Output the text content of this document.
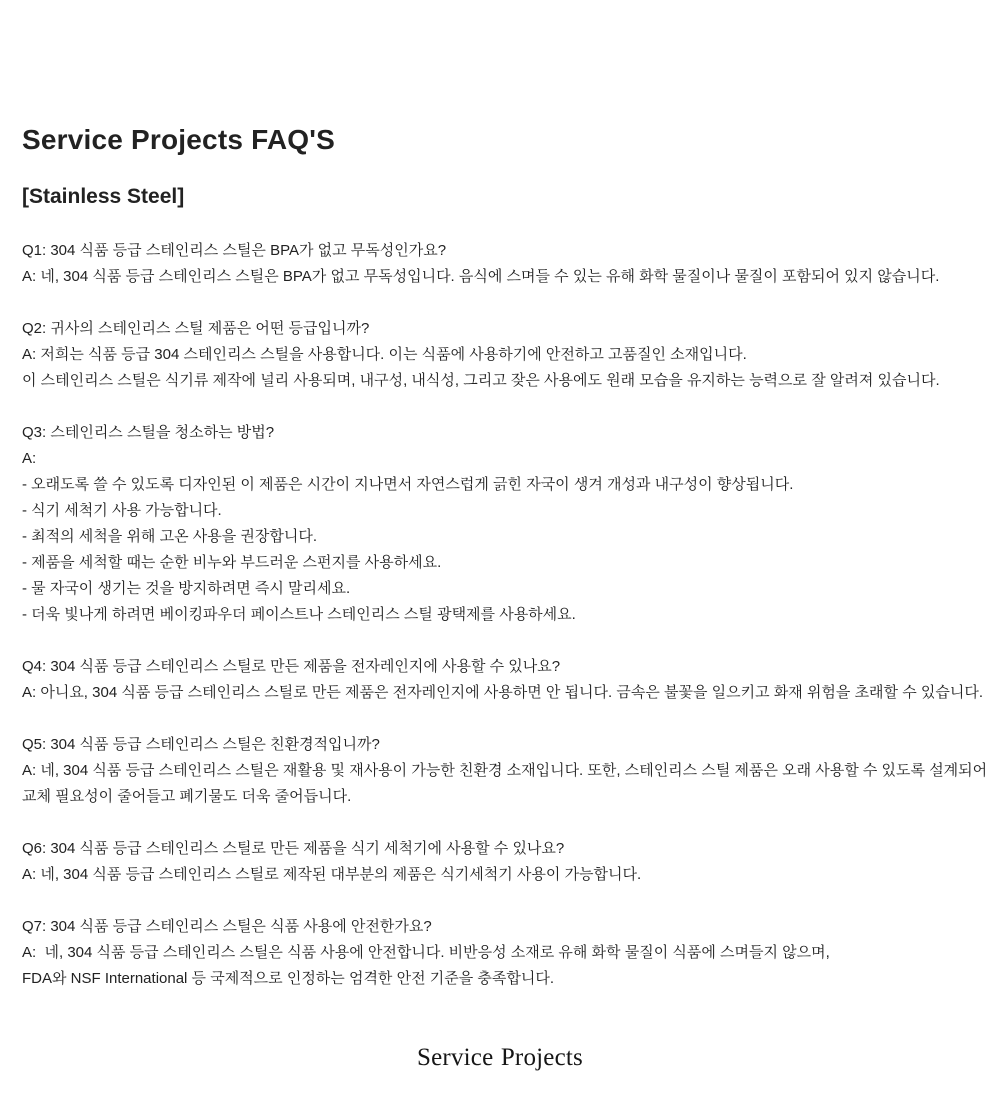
Service Projects FAQ'S
[Stainless Steel]
Q1: 304 식품 등급 스테인리스 스틸은 BPA가 없고 무독성인가요?
A: 네, 304 식품 등급 스테인리스 스틸은 BPA가 없고 무독성입니다. 음식에 스며들 수 있는 유해 화학 물질이나 물질이 포함되어 있지 않습니다.
Q2: 귀사의 스테인리스 스틸 제품은 어떤 등급입니까?
A: 저희는 식품 등급 304 스테인리스 스틸을 사용합니다. 이는 식품에 사용하기에 안전하고 고품질인 소재입니다.
이 스테인리스 스틸은 식기류 제작에 널리 사용되며, 내구성, 내식성, 그리고 잦은 사용에도 원래 모습을 유지하는 능력으로 잘 알려져 있습니다.
Q3: 스테인리스 스틸을 청소하는 방법?
A:
- 오래도록 쓸 수 있도록 디자인된 이 제품은 시간이 지나면서 자연스럽게 긁힌 자국이 생겨 개성과 내구성이 향상됩니다.
- 식기 세척기 사용 가능합니다.
- 최적의 세척을 위해 고온 사용을 권장합니다.
- 제품을 세척할 때는 순한 비누와 부드러운 스펀지를 사용하세요.
- 물 자국이 생기는 것을 방지하려면 즉시 말리세요.
- 더욱 빛나게 하려면 베이킹파우더 페이스트나 스테인리스 스틸 광택제를 사용하세요.
Q4: 304 식품 등급 스테인리스 스틸로 만든 제품을 전자레인지에 사용할 수 있나요?
A: 아니요, 304 식품 등급 스테인리스 스틸로 만든 제품은 전자레인지에 사용하면 안 됩니다. 금속은 불꽃을 일으키고 화재 위험을 초래할 수 있습니다.
Q5: 304 식품 등급 스테인리스 스틸은 친환경적입니까?
A: 네, 304 식품 등급 스테인리스 스틸은 재활용 및 재사용이 가능한 친환경 소재입니다. 또한, 스테인리스 스틸 제품은 오래 사용할 수 있도록 설계되어
교체 필요성이 줄어들고 폐기물도 더욱 줄어듭니다.
Q6: 304 식품 등급 스테인리스 스틸로 만든 제품을 식기 세척기에 사용할 수 있나요?
A: 네, 304 식품 등급 스테인리스 스틸로 제작된 대부분의 제품은 식기세척기 사용이 가능합니다.
Q7: 304 식품 등급 스테인리스 스틸은 식품 사용에 안전한가요?
A:  네, 304 식품 등급 스테인리스 스틸은 식품 사용에 안전합니다. 비반응성 소재로 유해 화학 물질이 식품에 스며들지 않으며,
FDA와 NSF International 등 국제적으로 인정하는 엄격한 안전 기준을 충족합니다.
Service Projects
